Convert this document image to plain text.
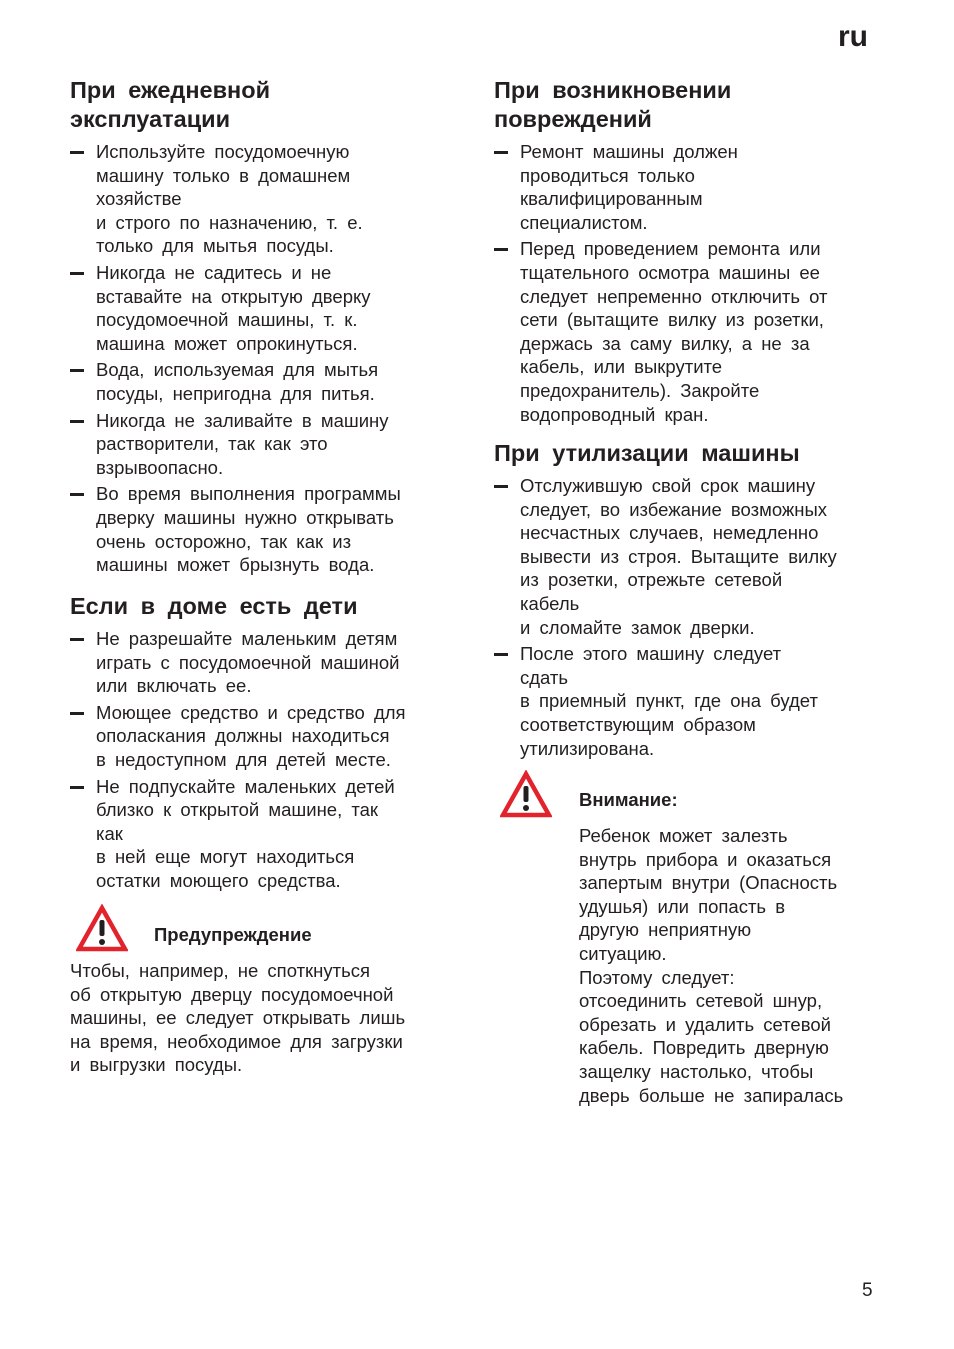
ru
При ежедневной
эксплуатации
Используйте посудомоечную
машину только в домашнем
хозяйстве
и строго по назначению, т. е.
только для мытья посуды.
Никогда не садитесь и не
вставайте на открытую дверку
посудомоечной машины, т. к.
машина может опрокинуться.
Вода, используемая для мытья
посуды, непригодна для питья.
Никогда не заливайте в машину
растворители, так как это
взрывоопасно.
Во время выполнения программы
дверку машины нужно открывать
очень осторожно, так как из
машины может брызнуть вода.
Если в доме есть дети
Не разрешайте маленьким детям
играть с посудомоечной машиной
или включать ее.
Моющее средство и средство для
ополаскания должны находиться
в недоступном для детей месте.
Не подпускайте маленьких детей
близко к открытой машине, так
как
в ней еще могут находиться
остатки моющего средства.
Предупреждение
Чтобы, например, не споткнуться
об открытую дверцу посудомоечной
машины, ее следует открывать лишь
на время, необходимое для загрузки
и выгрузки посуды.
При возникновении
повреждений
Ремонт машины должен
проводиться только
квалифицированным
специалистом.
Перед проведением ремонта или
тщательного осмотра машины ее
следует непременно отключить от
сети (вытащите вилку из розетки,
держась за саму вилку, а не за
кабель, или выкрутите
предохранитель). Закройте
водопроводный кран.
При утилизации машины
Отслужившую свой срок машину
следует, во избежание возможных
несчастных случаев, немедленно
вывести из строя. Вытащите вилку
из розетки, отрежьте сетевой
кабель
и сломайте замок дверки.
После этого машину следует
сдать
в приемный пункт, где она будет
соответствующим образом
утилизирована.
Внимание:
Ребенок может залезть
внутрь прибора и оказаться
запертым внутри (Опасность
удушья) или попасть в
другую неприятную
ситуацию.
Поэтому следует:
отсоединить сетевой шнур,
обрезать и удалить сетевой
кабель. Повредить дверную
защелку настолько, чтобы
дверь больше не запиралась
5
